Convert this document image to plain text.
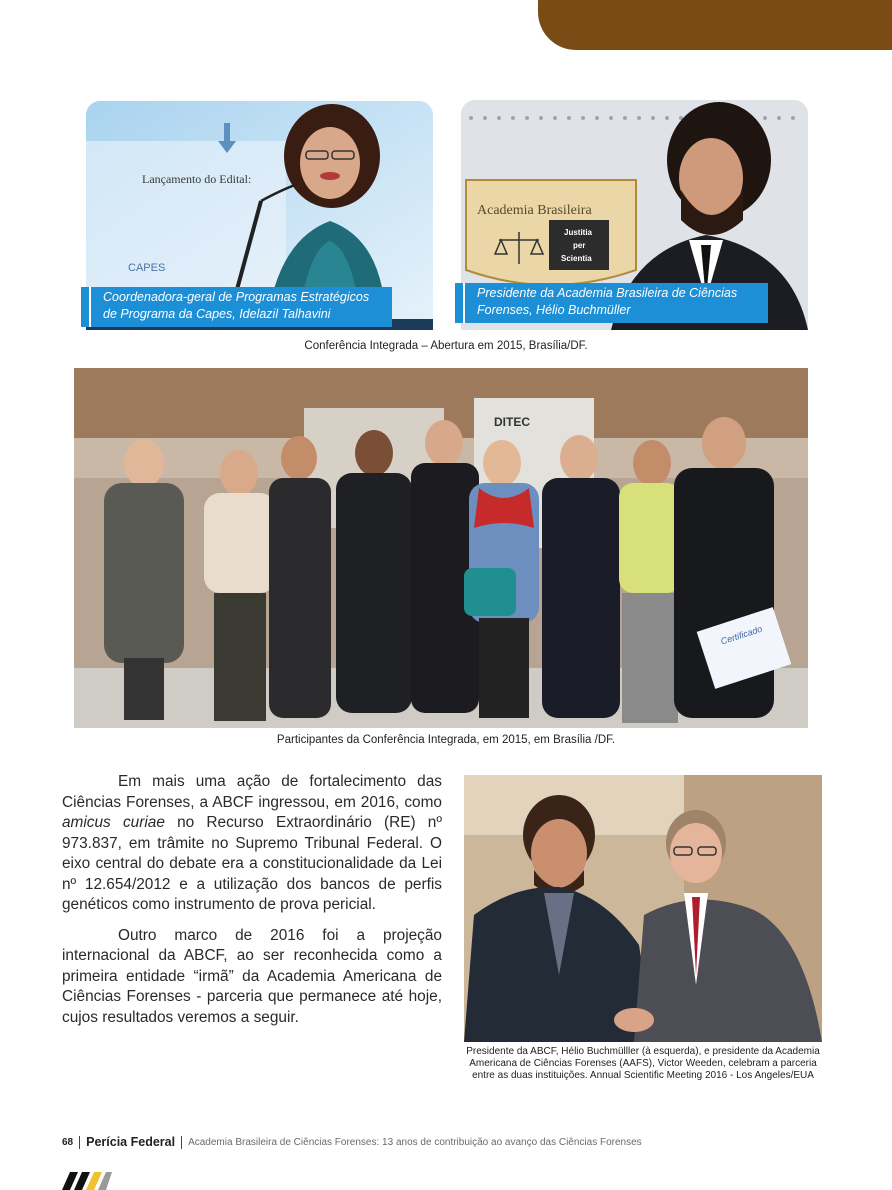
Lançamento do Edital:
CAPES
Coordenadora-geral de Programas Estratégicos de Programa da Capes, Idelazil Talhavini
Academia Brasileira
Justitia
per
Scientia
Presidente da Academia Brasileira de Ciências Forenses, Hélio Buchmüller
Conferência Integrada – Abertura em 2015, Brasília/DF.
DITEC
Certificado
Participantes da Conferência Integrada, em 2015, em Brasília /DF.

Em mais uma ação de fortalecimento das Ciências Forenses, a ABCF ingressou, em 2016, como amicus curiae no Recurso Extraordinário (RE) nº 973.837, em trâmite no Supremo Tribunal Federal. O eixo central do debate era a constitucionalidade da Lei nº 12.654/2012 e a utilização dos bancos de perfis genéticos como instrumento de prova pericial.

Outro marco de 2016 foi a projeção internacional da ABCF, ao ser reconhecida como a primeira entidade “irmã” da Academia Americana de Ciências Forenses - parceria que permanece até hoje, cujos resultados veremos a seguir.

Presidente da ABCF, Hélio Buchmülller (à esquerda), e presidente da Academia Americana de Ciências Forenses (AAFS), Victor Weeden, celebram a parceria entre as duas instituições. Annual Scientific Meeting 2016 - Los Angeles/EUA
68 Perícia Federal Academia Brasileira de Ciências Forenses: 13 anos de contribuição ao avanço das Ciências Forenses
